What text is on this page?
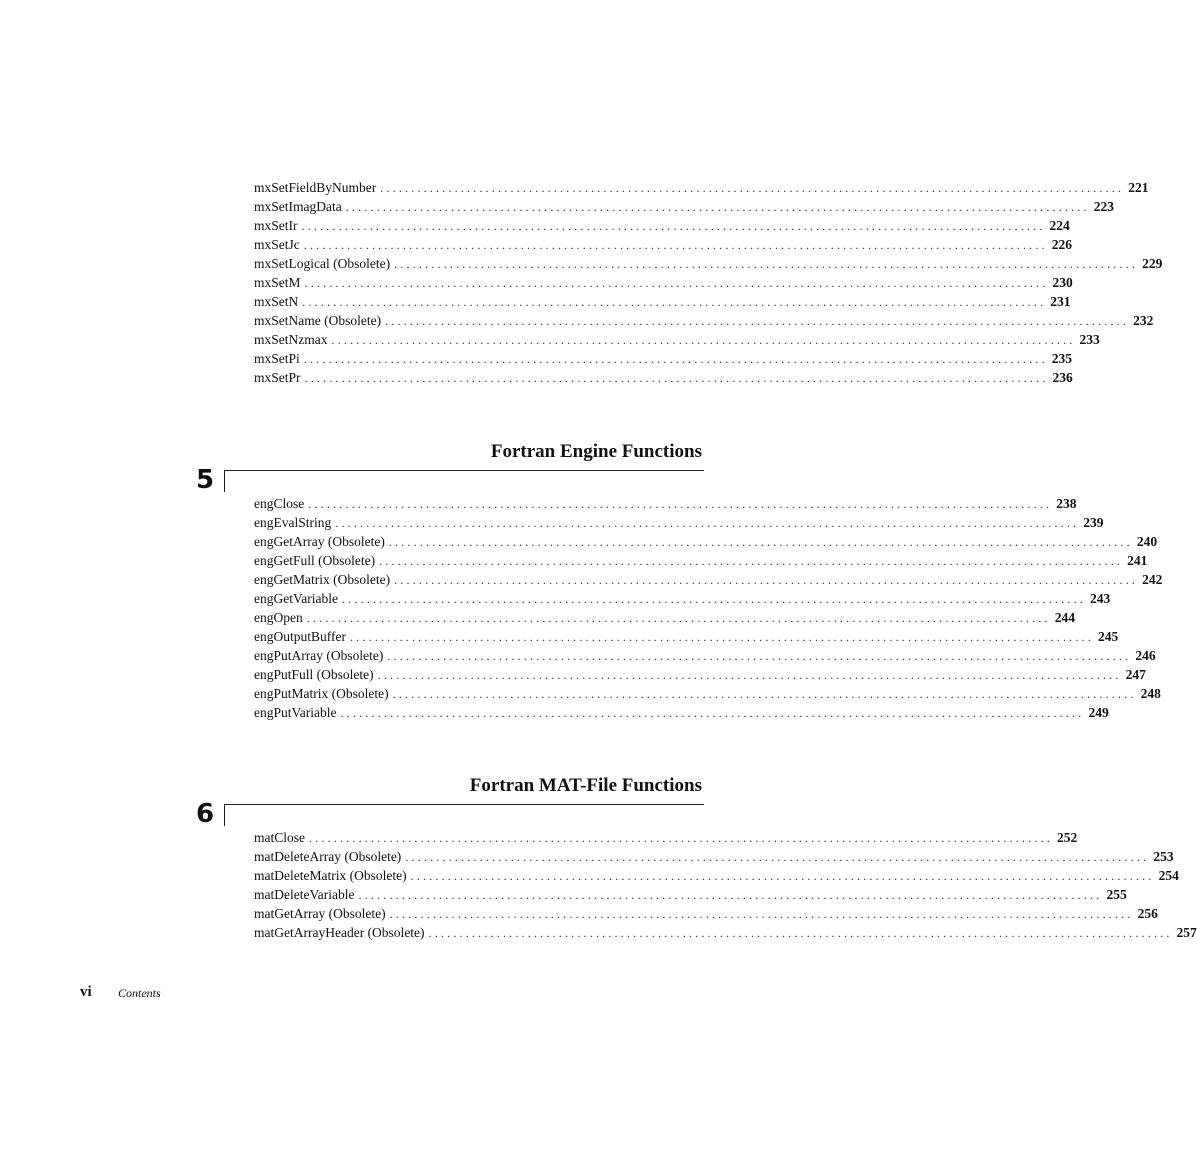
mxSetFieldByNumber ........................................................................................................................ 221
mxSetImagData ........................................................................................................................ 223
mxSetIr ........................................................................................................................ 224
mxSetJc ........................................................................................................................ 226
mxSetLogical (Obsolete) ........................................................................................................................ 229
mxSetM ........................................................................................................................ 230
mxSetN ........................................................................................................................ 231
mxSetName (Obsolete) ........................................................................................................................ 232
mxSetNzmax ........................................................................................................................ 233
mxSetPi ........................................................................................................................ 235
mxSetPr ........................................................................................................................ 236
Fortran Engine Functions
5
engClose ........................................................................................................................ 238
engEvalString ........................................................................................................................ 239
engGetArray (Obsolete) ........................................................................................................................ 240
engGetFull (Obsolete) ........................................................................................................................ 241
engGetMatrix (Obsolete) ........................................................................................................................ 242
engGetVariable ........................................................................................................................ 243
engOpen ........................................................................................................................ 244
engOutputBuffer ........................................................................................................................ 245
engPutArray (Obsolete) ........................................................................................................................ 246
engPutFull (Obsolete) ........................................................................................................................ 247
engPutMatrix (Obsolete) ........................................................................................................................ 248
engPutVariable ........................................................................................................................ 249
Fortran MAT-File Functions
6
matClose ........................................................................................................................ 252
matDeleteArray (Obsolete) ........................................................................................................................ 253
matDeleteMatrix (Obsolete) ........................................................................................................................ 254
matDeleteVariable ........................................................................................................................ 255
matGetArray (Obsolete) ........................................................................................................................ 256
matGetArrayHeader (Obsolete) ........................................................................................................................ 257
vi Contents
